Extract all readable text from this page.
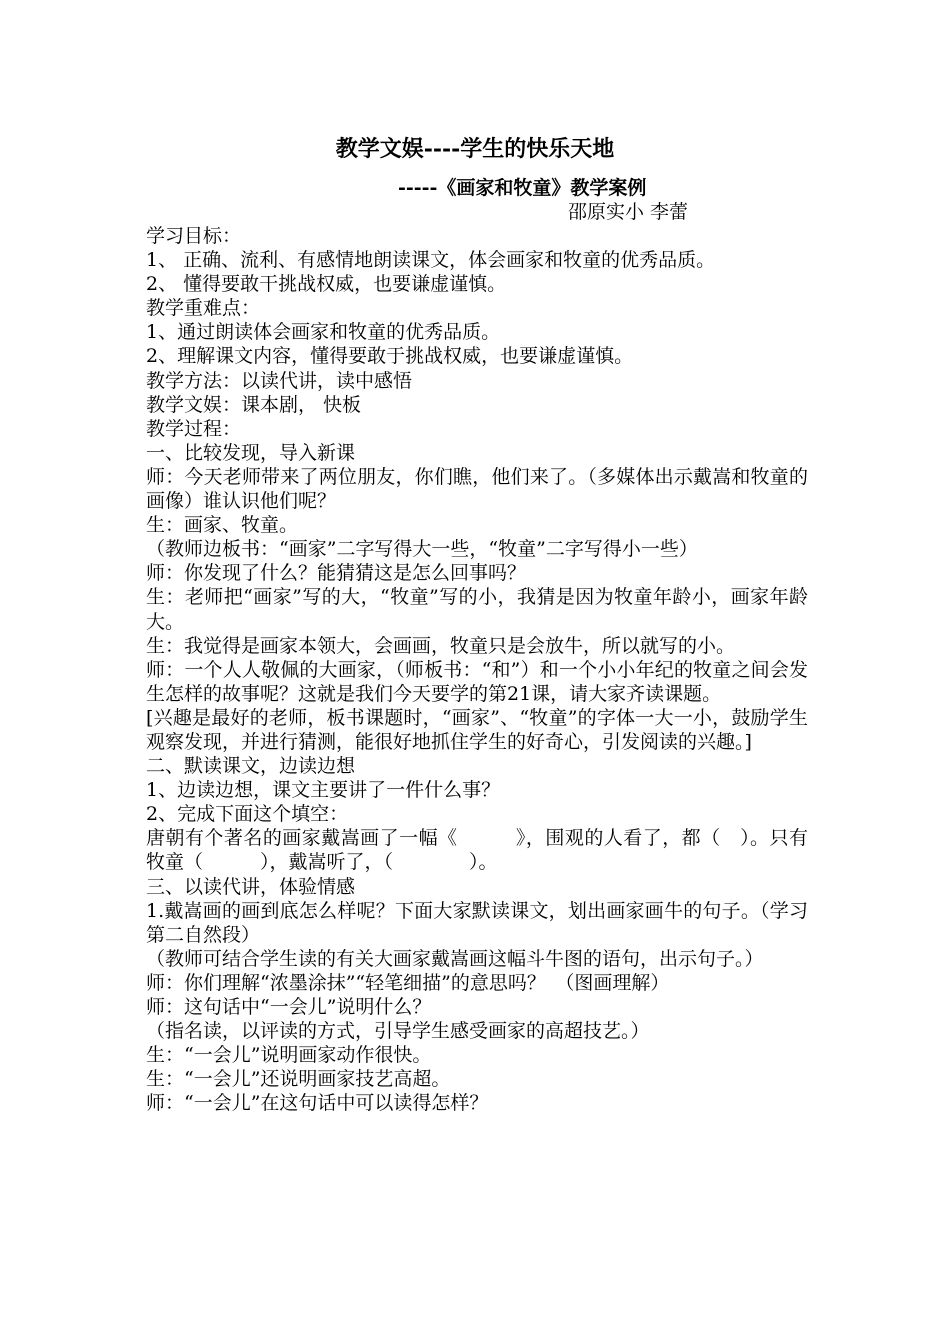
教学文娱----学生的快乐天地
-----《画家和牧童》教学案例
邵原实小 李蕾

学习目标：

1、 正确、流利、有感情地朗读课文，体会画家和牧童的优秀品质。

2、 懂得要敢干挑战权威，也要谦虚谨慎。

教学重难点：

1、通过朗读体会画家和牧童的优秀品质。

2、理解课文内容，懂得要敢于挑战权威，也要谦虚谨慎。

教学方法：以读代讲，读中感悟

教学文娱：课本剧， 快板

教学过程：

一、比较发现，导入新课

师：今天老师带来了两位朋友，你们瞧，他们来了。（多媒体出示戴嵩和牧童的画像）谁认识他们呢？

生：画家、牧童。

（教师边板书：“画家”二字写得大一些，“牧童”二字写得小一些）

师：你发现了什么？能猜猜这是怎么回事吗？

生：老师把“画家”写的大，“牧童”写的小，我猜是因为牧童年龄小，画家年龄大。

生：我觉得是画家本领大，会画画，牧童只是会放牛，所以就写的小。

师：一个人人敬佩的大画家，（师板书：“和”）和一个小小年纪的牧童之间会发生怎样的故事呢？这就是我们今天要学的第21课，请大家齐读课题。

[兴趣是最好的老师，板书课题时，“画家”、“牧童”的字体一大一小，鼓励学生观察发现，并进行猜测，能很好地抓住学生的好奇心，引发阅读的兴趣。]

二、默读课文，边读边想

1、边读边想，课文主要讲了一件什么事？

2、完成下面这个填空：

唐朝有个著名的画家戴嵩画了一幅《　　　》，围观的人看了，都（　）。只有牧童（　　　），戴嵩听了，（　　　　）。

三、以读代讲，体验情感

1.戴嵩画的画到底怎么样呢？下面大家默读课文，划出画家画牛的句子。（学习第二自然段）

（教师可结合学生读的有关大画家戴嵩画这幅斗牛图的语句，出示句子。）

师：你们理解“浓墨涂抹”“轻笔细描”的意思吗？　（图画理解）

师：这句话中“一会儿”说明什么？

（指名读，以评读的方式，引导学生感受画家的高超技艺。）

生：“一会儿”说明画家动作很快。

生：“一会儿”还说明画家技艺高超。

师：“一会儿”在这句话中可以读得怎样？
